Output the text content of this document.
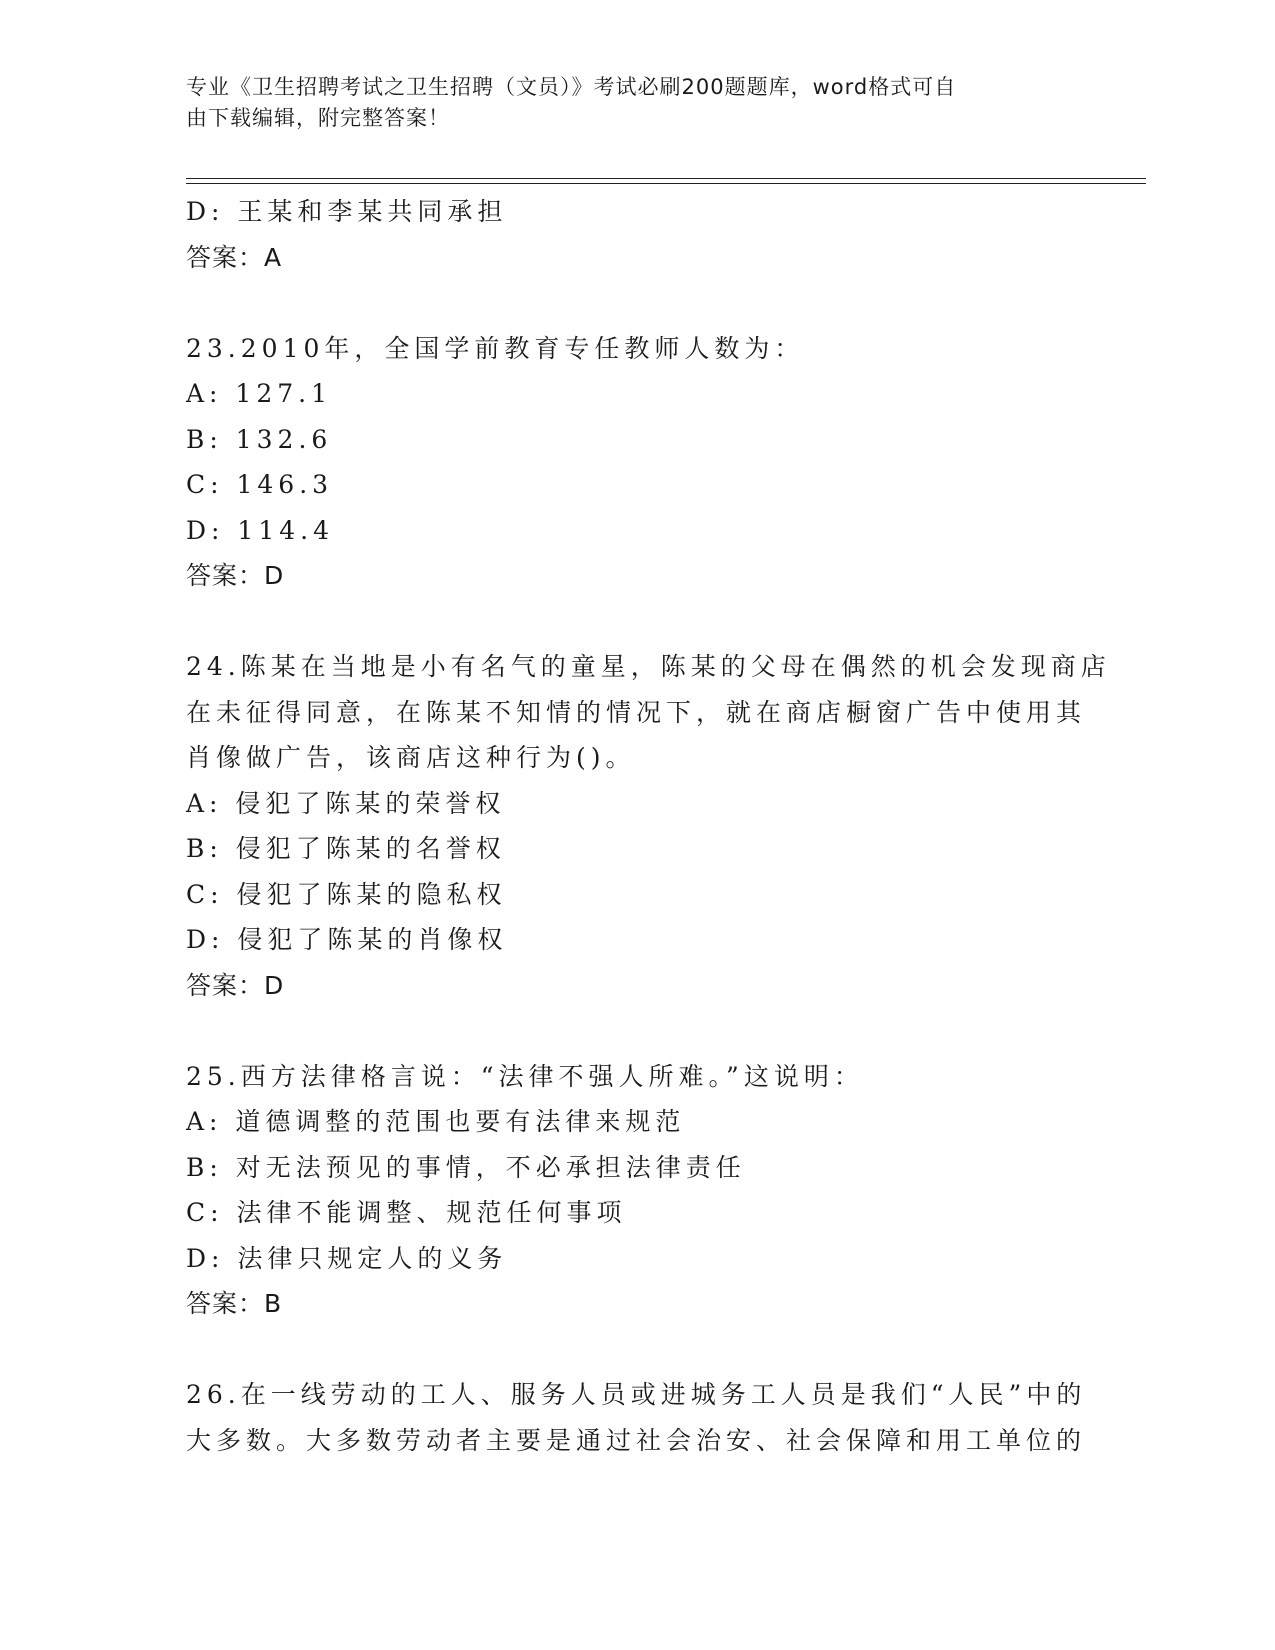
专业《卫生招聘考试之卫生招聘（文员）》考试必刷200题题库，word格式可自
由下载编辑，附完整答案！
D: 王某和李某共同承担
答案：A
23.2010年，全国学前教育专任教师人数为：
A: 127.1
B: 132.6
C: 146.3
D: 114.4
答案：D
24.陈某在当地是小有名气的童星，陈某的父母在偶然的机会发现商店
在未征得同意，在陈某不知情的情况下，就在商店橱窗广告中使用其
肖像做广告，该商店这种行为()。
A: 侵犯了陈某的荣誉权
B: 侵犯了陈某的名誉权
C: 侵犯了陈某的隐私权
D: 侵犯了陈某的肖像权
答案：D
25.西方法律格言说：“法律不强人所难。”这说明：
A: 道德调整的范围也要有法律来规范
B: 对无法预见的事情，不必承担法律责任
C: 法律不能调整、规范任何事项
D: 法律只规定人的义务
答案：B
26.在一线劳动的工人、服务人员或进城务工人员是我们“人民”中的
大多数。大多数劳动者主要是通过社会治安、社会保障和用工单位的
